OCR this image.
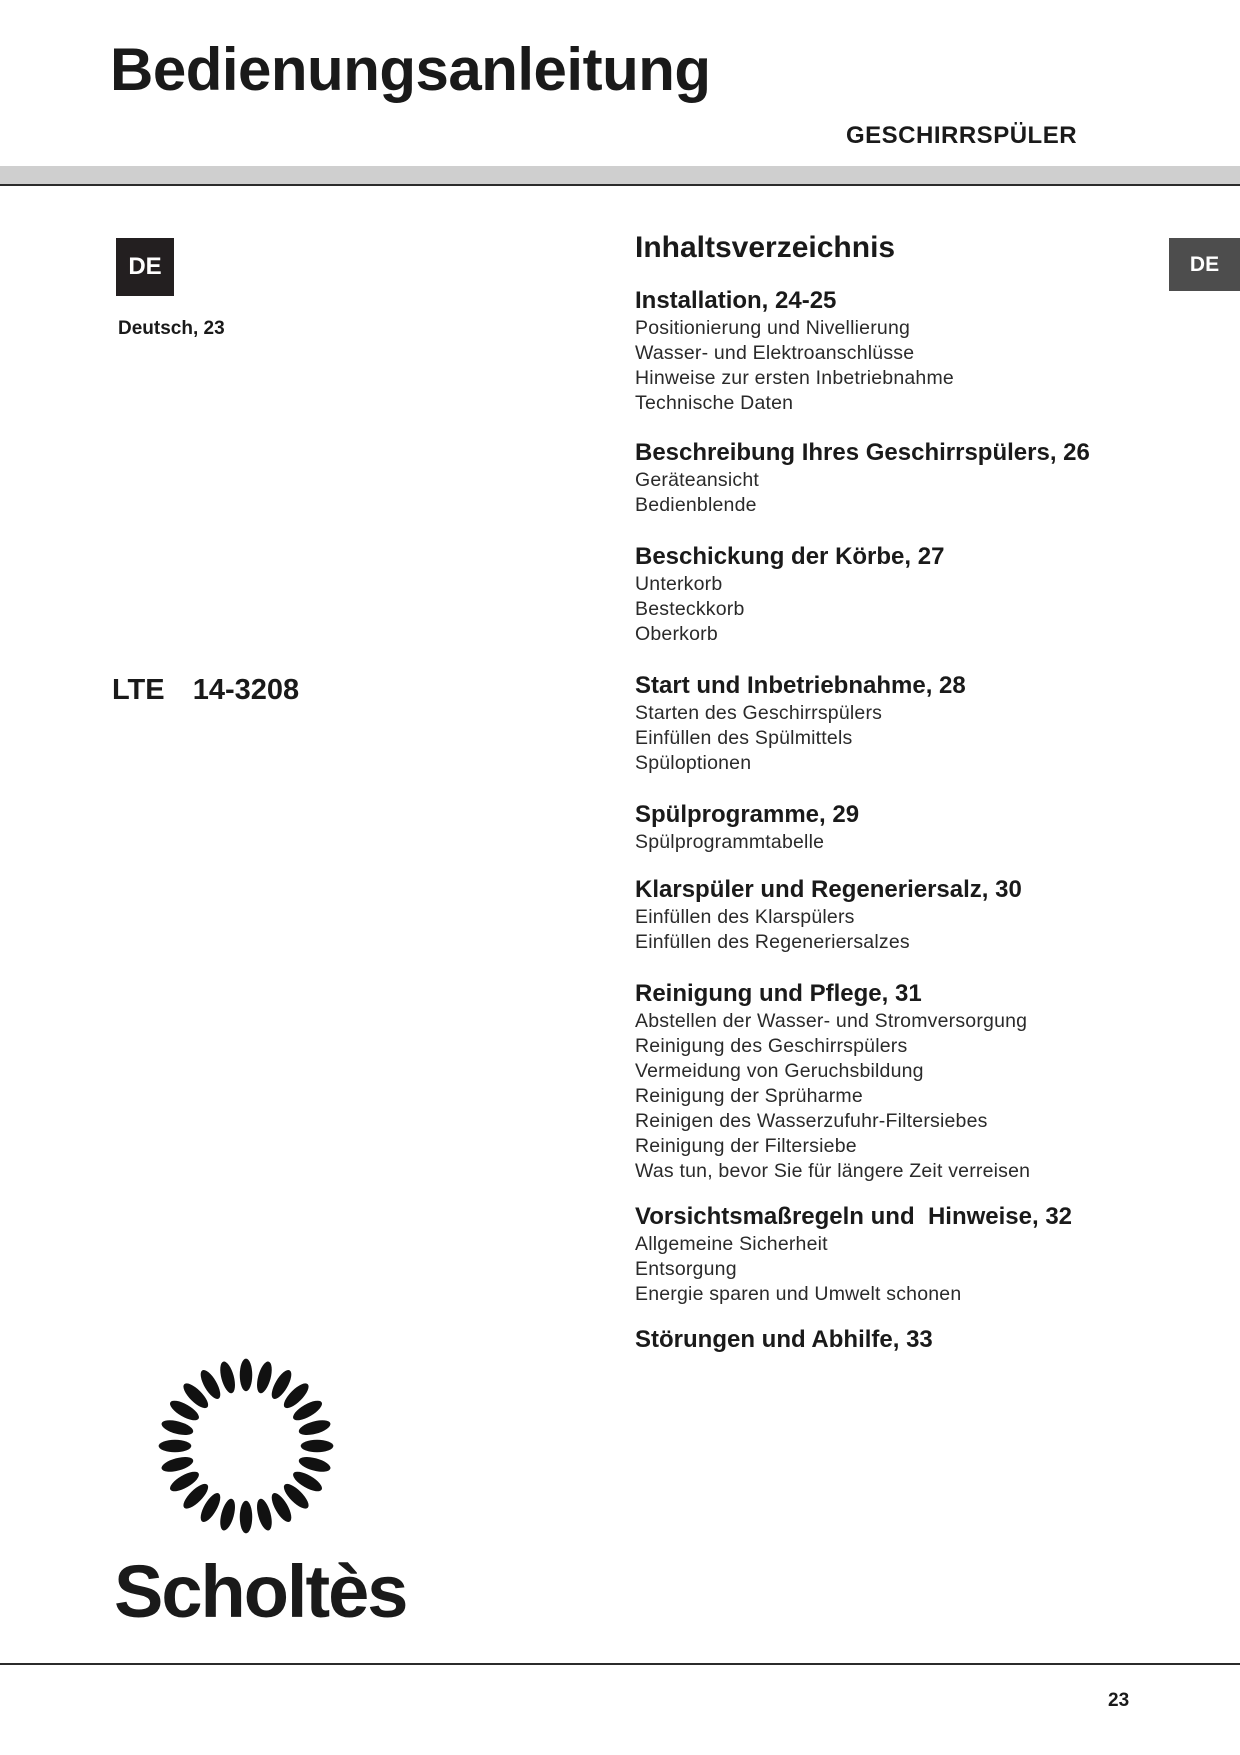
Bedienungsanleitung
GESCHIRRSPÜLER
DE
Deutsch, 23
LTE  14-3208
DE
Inhaltsverzeichnis
Installation, 24-25
Positionierung und Nivellierung
Wasser- und Elektroanschlüsse
Hinweise zur ersten Inbetriebnahme
Technische Daten
Beschreibung Ihres Geschirrspülers, 26
Geräteansicht
Bedienblende
Beschickung der Körbe, 27
Unterkorb
Besteckkorb
Oberkorb
Start und Inbetriebnahme, 28
Starten des Geschirrspülers
Einfüllen des Spülmittels
Spüloptionen
Spülprogramme, 29
Spülprogrammtabelle
Klarspüler und Regeneriersalz, 30
Einfüllen des Klarspülers
Einfüllen des Regeneriersalzes
Reinigung und Pflege, 31
Abstellen der Wasser- und Stromversorgung
Reinigung des Geschirrspülers
Vermeidung von Geruchsbildung
Reinigung der Sprüharme
Reinigen des Wasserzufuhr-Filtersiebes
Reinigung der Filtersiebe
Was tun, bevor Sie für längere Zeit verreisen
Vorsichtsmaßregeln und  Hinweise, 32
Allgemeine Sicherheit
Entsorgung
Energie sparen und Umwelt schonen
Störungen und Abhilfe, 33
Scholtès
23
